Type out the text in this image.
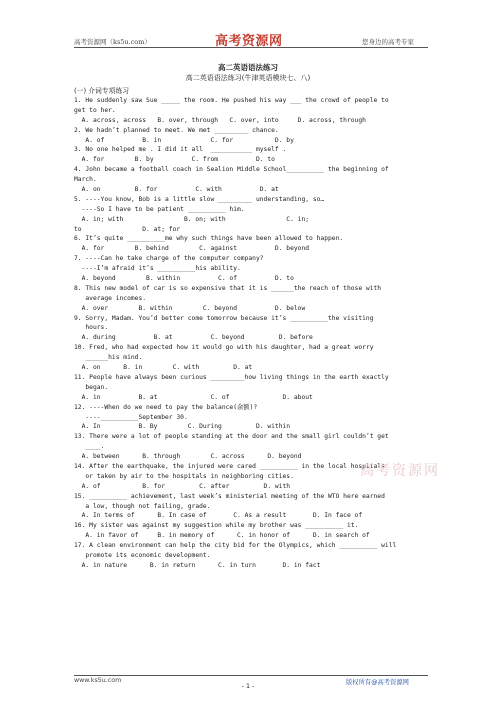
高考资源网（ks5u.com）	高考资源网	您身边的高考专家
高二英语语法练习
高二英语语法练习(牛津英语模块七、八)
(一) 介词专项练习
1. He suddenly saw Sue _____ the room. He pushed his way ___ the crowd of people to
get to her.
A. across, across   B. over, through   C. over, into     D. across, through
2. We hadn’t planned to meet. We met _________ chance.
A. of          B. in             C. for           D. by
3. No one helped me . I did it all  ___________ myself .
A. for        B. by          C. from          D. to
4. John became a football coach in Sealion Middle School__________ the beginning of
March.
A. on         B. for          C. with          D. at
5. ----You know, Bob is a little slow _________ understanding, so…
----So I have to be patient __________ him.
A. in; with                B. on; with                C. in;
to                D. at; for
6. It’s quite __________me why such things have been allowed to happen.
A. for        B. behind        C. against          D. beyond
7. ----Can he take charge of the computer company?
----I’m afraid it’s __________his ability.
A. beyond        B. within          C. of          D. to
8. This new model of car is so expensive that it is ______the reach of those with
average incomes.
A. over        B. within        C. beyond          D. below
9. Sorry, Madam. You’d better come tomorrow because it’s __________the visiting
hours.
A. during          B. at          C. beyond         D. before
10. Fred, who had expected how it would go with his daughter, had a great worry
______his mind.
A. on      B. in        C. with         D. at
11. People have always been curious _________how living things in the earth exactly
began.
A. in          B. at              C. of              D. about
12. ----When do we need to pay the balance(余额)?
----__________September 30.
A. In          B. By        C. During         D. within
13. There were a lot of people standing at the door and the small girl couldn’t get
____.
A. between      B. through        C. across      D. beyond
14. After the earthquake, the injured were cared __________ in the local hospitals
or taken by air to the hospitals in neighboring cities.
A. of           B. for         C. after         D. with
15. __________ achievement, last week’s ministerial meeting of the WTO here earned
a low, though not failing, grade.
A. In terms of      B. In case of       C. As a result       D. In face of
16. My sister was against my suggestion while my brother was __________ it.
A. in favor of     B. in memory of      C. in honor of      D. in search of
17. A clean environment can help the city bid for the Olympics, which __________ will
promote its economic development.
A. in nature      B. in return      C. in turn       D. in fact
高考资源网
www.ks5u.com
- 1 -
版权所有@高考资源网
